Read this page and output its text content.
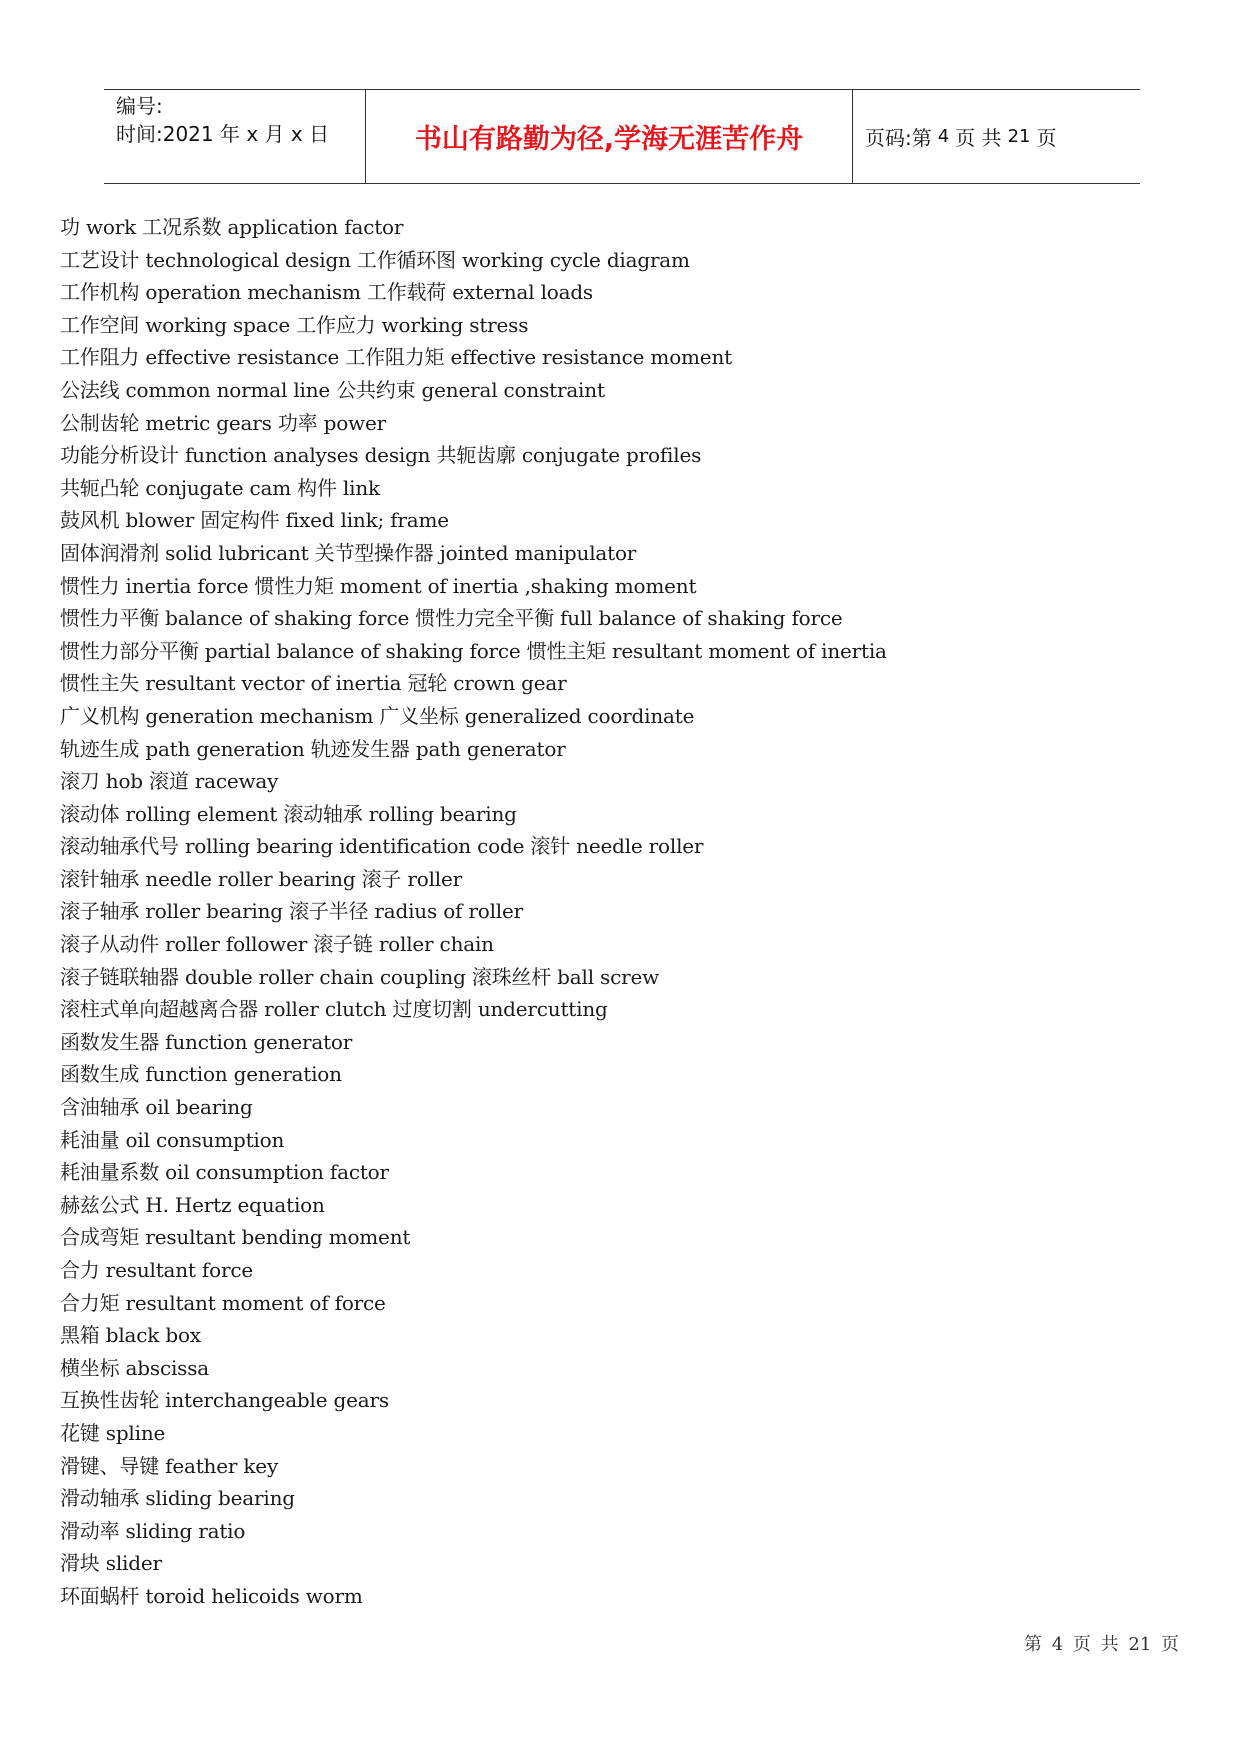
编号:
时间:2021 年 x 月 x 日	书山有路勤为径,学海无涯苦作舟	页码:第 4 页 共 21 页
功 work 工况系数 application factor
工艺设计 technological design 工作循环图 working cycle diagram
工作机构 operation mechanism 工作载荷 external loads
工作空间 working space 工作应力 working stress
工作阻力 effective resistance 工作阻力矩 effective resistance moment
公法线 common normal line 公共约束 general constraint
公制齿轮 metric gears 功率 power
功能分析设计 function analyses design 共轭齿廓 conjugate profiles
共轭凸轮 conjugate cam 构件 link
鼓风机 blower 固定构件 fixed link; frame
固体润滑剂 solid lubricant 关节型操作器 jointed manipulator
惯性力 inertia force 惯性力矩 moment of inertia ,shaking moment
惯性力平衡 balance of shaking force 惯性力完全平衡 full balance of shaking force
惯性力部分平衡 partial balance of shaking force 惯性主矩 resultant moment of inertia
惯性主失 resultant vector of inertia 冠轮 crown gear
广义机构 generation mechanism 广义坐标 generalized coordinate
轨迹生成 path generation 轨迹发生器 path generator
滚刀 hob 滚道 raceway
滚动体 rolling element 滚动轴承 rolling bearing
滚动轴承代号 rolling bearing identification code 滚针 needle roller
滚针轴承 needle roller bearing 滚子 roller
滚子轴承 roller bearing 滚子半径 radius of roller
滚子从动件 roller follower 滚子链 roller chain
滚子链联轴器 double roller chain coupling 滚珠丝杆 ball screw
滚柱式单向超越离合器 roller clutch 过度切割 undercutting
函数发生器 function generator
函数生成 function generation
含油轴承 oil bearing
耗油量 oil consumption
耗油量系数 oil consumption factor
赫兹公式 H. Hertz equation
合成弯矩 resultant bending moment
合力 resultant force
合力矩 resultant moment of force
黑箱 black box
横坐标 abscissa
互换性齿轮 interchangeable gears
花键 spline
滑键、导键 feather key
滑动轴承 sliding bearing
滑动率 sliding ratio
滑块 slider
环面蜗杆 toroid helicoids worm
第 4 页 共 21 页
